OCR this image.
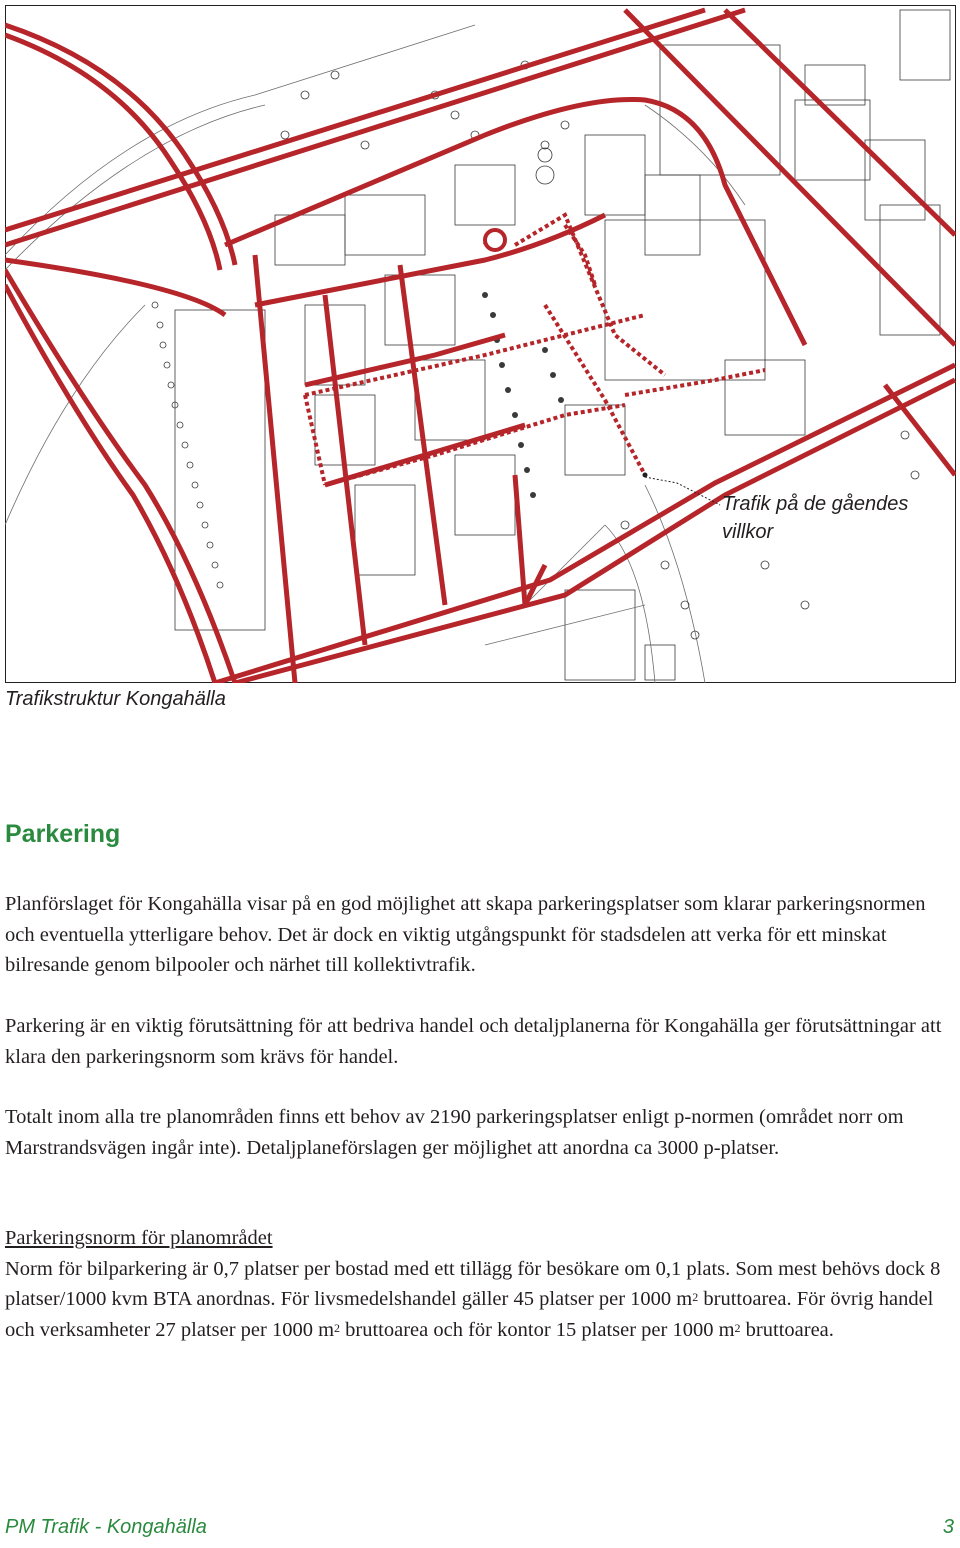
Trafik på de gåendes
villkor
Trafikstruktur Kongahälla
Parkering
Planförslaget för Kongahälla visar på en god möjlighet att skapa parkeringsplatser som klarar parkeringsnormen och eventuella ytterligare behov. Det är dock en viktig utgångspunkt för stadsdelen att verka för ett minskat bilresande genom bilpooler och närhet till kollektivtrafik.
Parkering är en viktig förutsättning för att bedriva handel och detaljplanerna för Kongahälla ger förutsättningar att klara den parkeringsnorm som krävs för handel.
Totalt inom alla tre planområden finns ett behov av 2190 parkeringsplatser enligt p-normen (området norr om Marstrandsvägen ingår inte). Detaljplaneförslagen ger möjlighet att anordna ca 3000 p-platser.
Parkeringsnorm för planområdet
Norm för bilparkering är 0,7 platser per bostad med ett tillägg för besökare om 0,1 plats. Som mest behövs dock 8 platser/1000 kvm BTA anordnas. För livsmedelshandel gäller 45 platser per 1000 $m^2$ bruttoarea. För övrig handel och verksamheter 27 platser per 1000 $m^2$ bruttoarea och för kontor 15 platser per 1000 $m^2$ bruttoarea.
PM Trafik - Kongahälla	3
